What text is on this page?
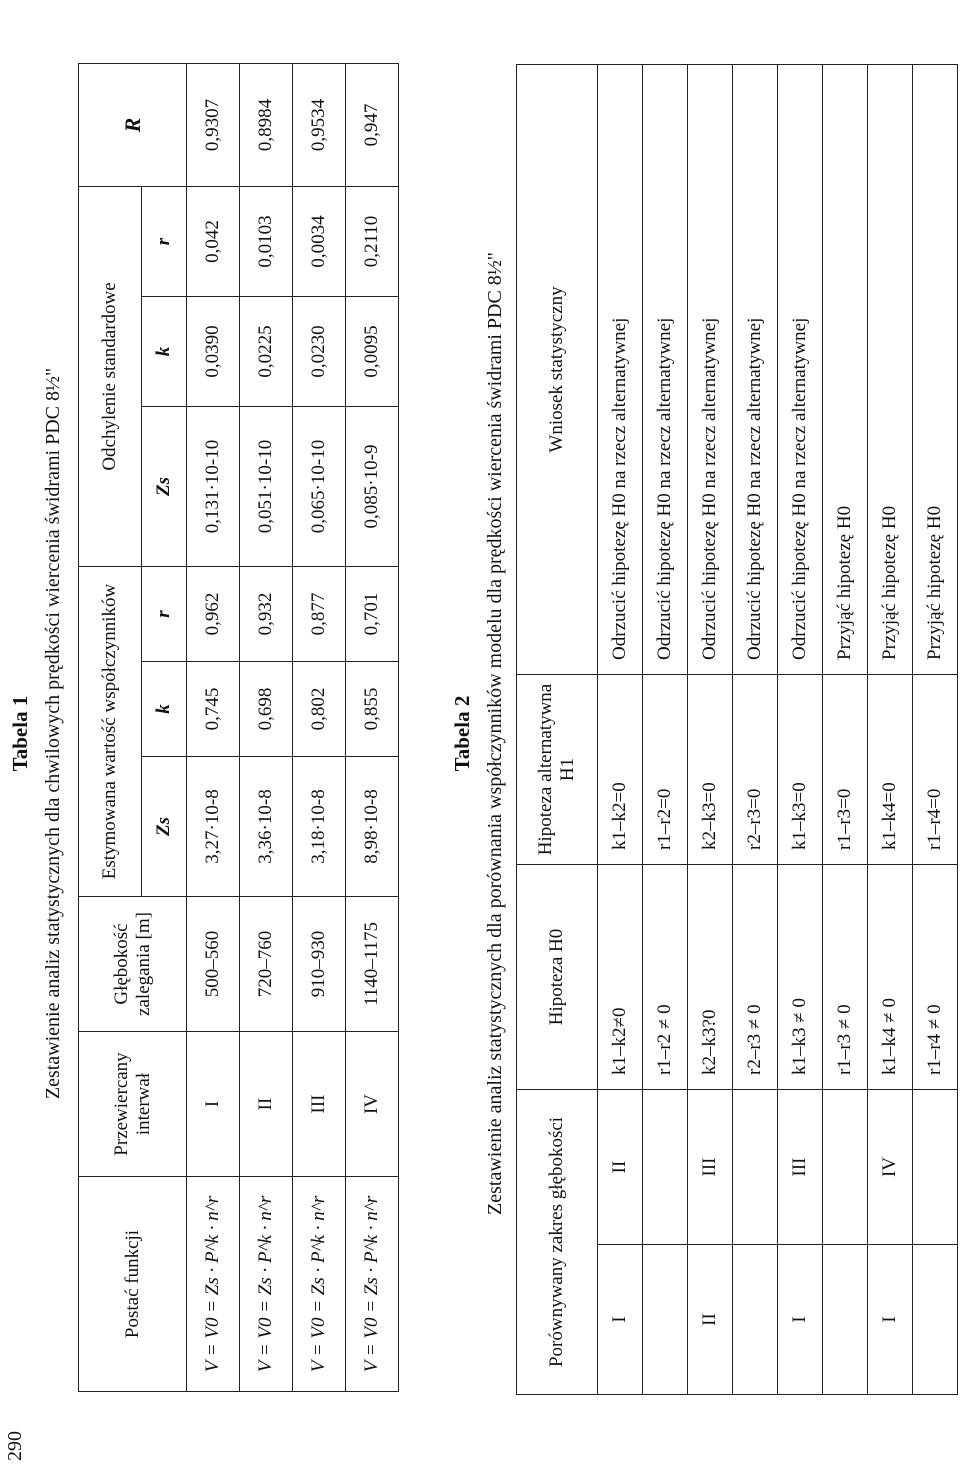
290
Tabela 1 Zestawienie analiz statystycznych dla chwilowych prędkości wiercenia świdrami PDC 8½"
Postać funkcji	Przewiercany interwał	Głębokość zalegania [m]	Estymowana wartość współczynników			Odchylenie standardowe			R
			Zs	k	r	Zs	k	r	
V = V0 = Zs · P^k · n^r	I	500–560	3,27·10-8	0,745	0,962	0,131·10-10	0,0390	0,042	0,9307
V = V0 = Zs · P^k · n^r	II	720–760	3,36·10-8	0,698	0,932	0,051·10-10	0,0225	0,0103	0,8984
V = V0 = Zs · P^k · n^r	III	910–930	3,18·10-8	0,802	0,877	0,065·10-10	0,0230	0,0034	0,9534
V = V0 = Zs · P^k · n^r	IV	1140–1175	8,98·10-8	0,855	0,701	0,085·10-9	0,0095	0,2110	0,947
Tabela 2 Zestawienie analiz statystycznych dla porównania współczynników modelu dla prędkości wiercenia świdrami PDC 8½"
Porównywany zakres głębokości		Hipoteza H0	Hipoteza alternatywna H1	Wniosek statystyczny
I	II	k1–k2≠0	k1–k2=0	Odrzucić hipotezę H0 na rzecz alternatywnej
		r1–r2 ≠ 0	r1–r2=0	Odrzucić hipotezę H0 na rzecz alternatywnej
II	III	k2–k3?0	k2–k3=0	Odrzucić hipotezę H0 na rzecz alternatywnej
		r2–r3 ≠ 0	r2–r3=0	Odrzucić hipotezę H0 na rzecz alternatywnej
I	III	k1–k3 ≠ 0	k1–k3=0	Odrzucić hipotezę H0 na rzecz alternatywnej
		r1–r3 ≠ 0	r1–r3=0	Przyjąć hipotezę H0
I	IV	k1–k4 ≠ 0	k1–k4=0	Przyjąć hipotezę H0
		r1–r4 ≠ 0	r1–r4=0	Przyjąć hipotezę H0
